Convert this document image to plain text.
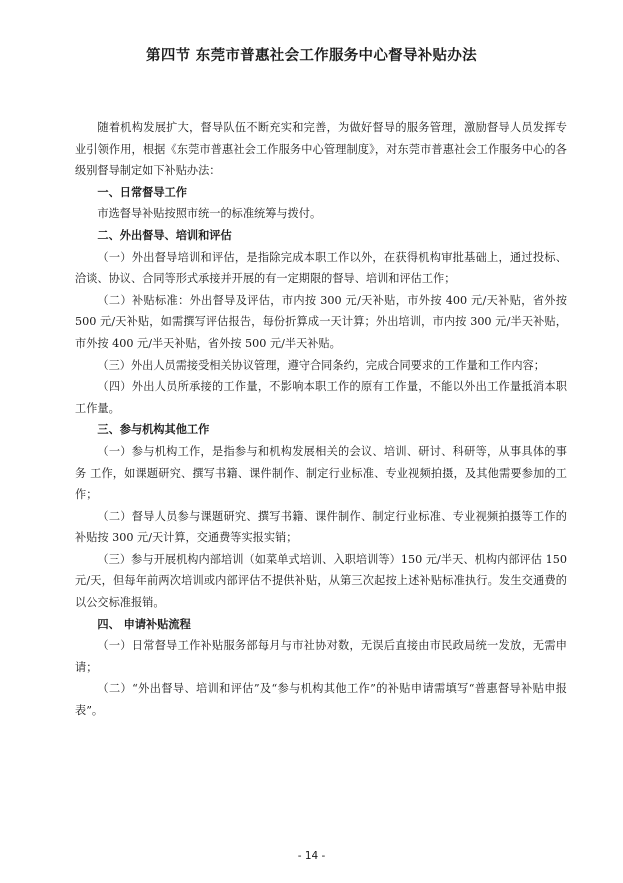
第四节 东莞市普惠社会工作服务中心督导补贴办法

随着机构发展扩大，督导队伍不断充实和完善，为做好督导的服务管理，激励督导人员发挥专业引领作用，根据《东莞市普惠社会工作服务中心管理制度》，对东莞市普惠社会工作服务中心的各级别督导制定如下补贴办法：

一、日常督导工作

市选督导补贴按照市统一的标准统筹与拨付。

二、外出督导、培训和评估

（一）外出督导培训和评估，是指除完成本职工作以外，在获得机构审批基础上，通过投标、洽谈、协议、合同等形式承接并开展的有一定期限的督导、培训和评估工作；

（二）补贴标准：外出督导及评估，市内按 300 元/天补贴，市外按 400 元/天补贴，省外按 500 元/天补贴，如需撰写评估报告，每份折算成一天计算；外出培训，市内按 300 元/半天补贴，市外按 400 元/半天补贴，省外按 500 元/半天补贴。

（三）外出人员需接受相关协议管理，遵守合同条约，完成合同要求的工作量和工作内容；

（四）外出人员所承接的工作量，不影响本职工作的原有工作量，不能以外出工作量抵消本职工作量。

三、参与机构其他工作

（一）参与机构工作，是指参与和机构发展相关的会议、培训、研讨、科研等，从事具体的事务 工作，如课题研究、撰写书籍、课件制作、制定行业标准、专业视频拍摄，及其他需要参加的工作；

（二）督导人员参与课题研究、撰写书籍、课件制作、制定行业标准、专业视频拍摄等工作的补贴按 300 元/天计算，交通费等实报实销；

（三）参与开展机构内部培训（如菜单式培训、入职培训等）150 元/半天、机构内部评估 150 元/天，但每年前两次培训或内部评估不提供补贴，从第三次起按上述补贴标准执行。发生交通费的以公交标准报销。

四、 申请补贴流程

（一）日常督导工作补贴服务部每月与市社协对数，无误后直接由市民政局统一发放，无需申请；

（二）“外出督导、培训和评估”及“参与机构其他工作”的补贴申请需填写“普惠督导补贴申报表”。

- 14 -
